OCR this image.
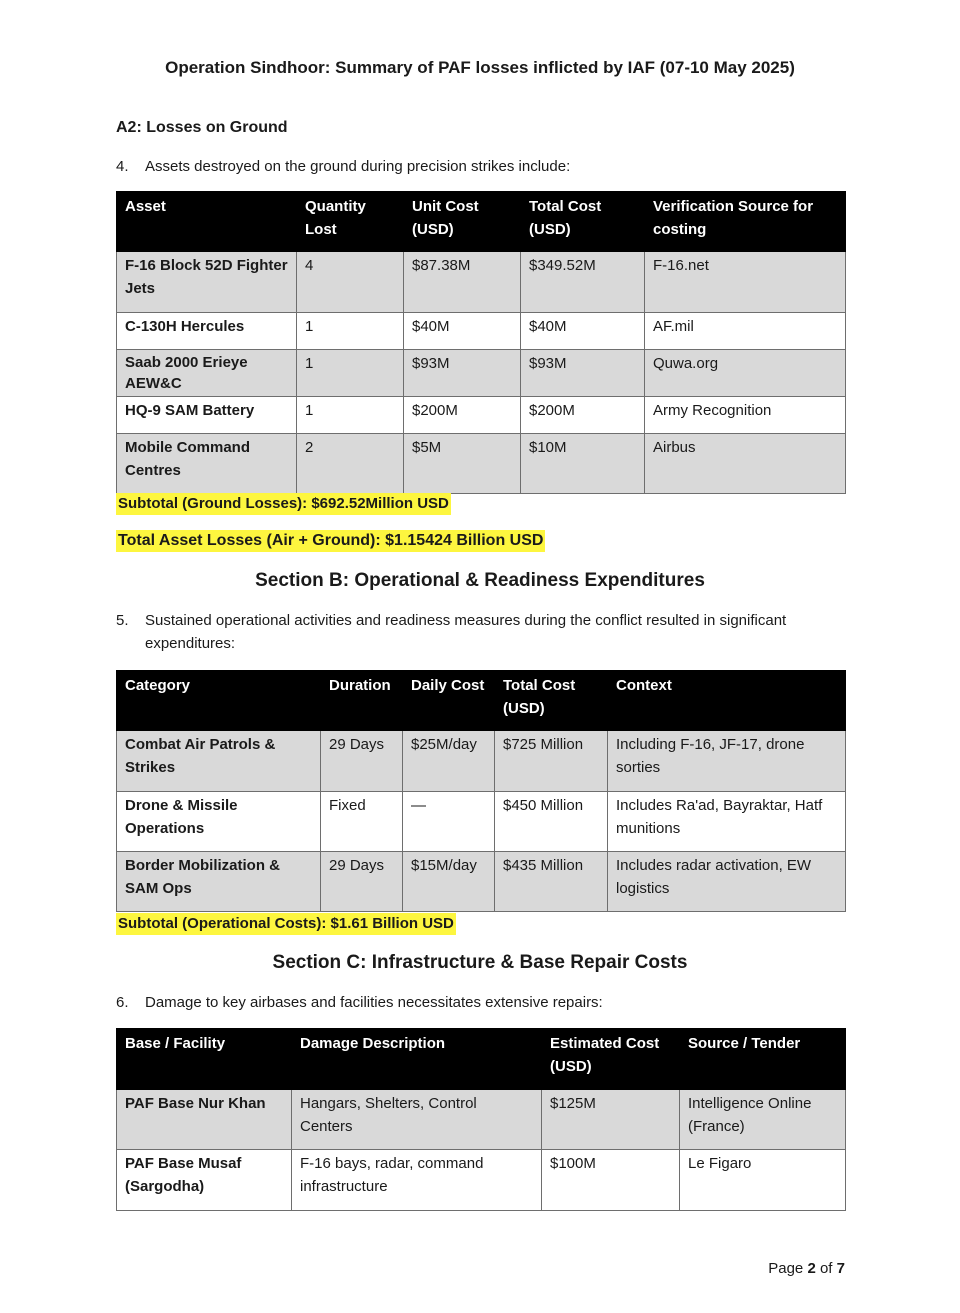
Operation Sindhoor: Summary of PAF losses inflicted by IAF (07-10 May 2025)
A2: Losses on Ground
4.	Assets destroyed on the ground during precision strikes include:
Asset	Quantity Lost	Unit Cost (USD)	Total Cost (USD)	Verification Source for costing
F-16 Block 52D Fighter Jets	4	$87.38M	$349.52M	F-16.net
C-130H Hercules	1	$40M	$40M	AF.mil
Saab 2000 Erieye AEW&C	1	$93M	$93M	Quwa.org
HQ-9 SAM Battery	1	$200M	$200M	Army Recognition
Mobile Command Centres	2	$5M	$10M	Airbus
Subtotal (Ground Losses): $692.52Million USD
Total Asset Losses (Air + Ground): $1.15424 Billion USD
Section B: Operational & Readiness Expenditures
5.	Sustained operational activities and readiness measures during the conflict resulted in significant expenditures:
Category	Duration	Daily Cost	Total Cost (USD)	Context
Combat Air Patrols & Strikes	29 Days	$25M/day	$725 Million	Including F-16, JF-17, drone sorties
Drone & Missile Operations	Fixed	—	$450 Million	Includes Ra'ad, Bayraktar, Hatf munitions
Border Mobilization & SAM Ops	29 Days	$15M/day	$435 Million	Includes radar activation, EW logistics
Subtotal (Operational Costs): $1.61 Billion USD
Section C: Infrastructure & Base Repair Costs
6.	Damage to key airbases and facilities necessitates extensive repairs:
Base / Facility	Damage Description	Estimated Cost (USD)	Source / Tender
PAF Base Nur Khan	Hangars, Shelters, Control Centers	$125M	Intelligence Online (France)
PAF Base Musaf (Sargodha)	F-16 bays, radar, command infrastructure	$100M	Le Figaro
Page 2 of 7
